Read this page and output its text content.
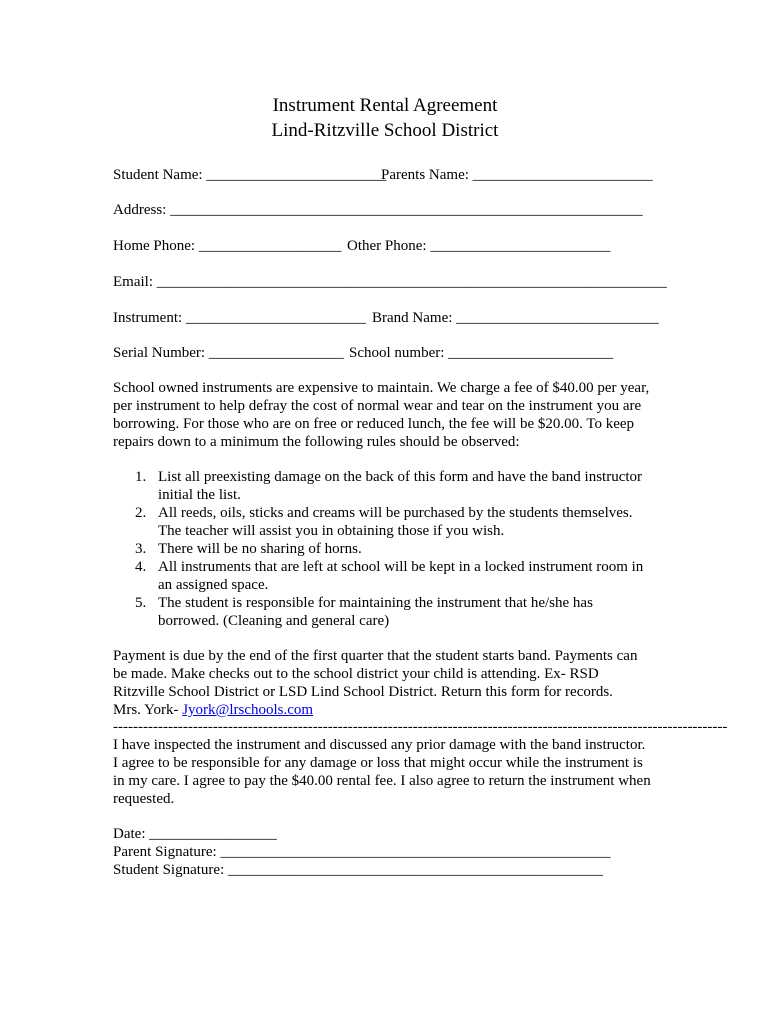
Instrument Rental Agreement
Lind-Ritzville School District
Student Name: ________________________
Parents Name: ________________________
Address: _______________________________________________________________
Home Phone: ___________________ Other Phone: ________________________
Email: ____________________________________________________________________
Instrument: ________________________ Brand Name: ___________________________
Serial Number: __________________ School number: ______________________
School owned instruments are expensive to maintain. We charge a fee of $40.00 per year,
per instrument to help defray the cost of normal wear and tear on the instrument you are
borrowing. For those who are on free or reduced lunch, the fee will be $20.00. To keep
repairs down to a minimum the following rules should be observed:
1. List all preexisting damage on the back of this form and have the band instructor
initial the list.
2. All reeds, oils, sticks and creams will be purchased by the students themselves.
The teacher will assist you in obtaining those if you wish.
3. There will be no sharing of horns.
4. All instruments that are left at school will be kept in a locked instrument room in
an assigned space.
5. The student is responsible for maintaining the instrument that he/she has
borrowed. (Cleaning and general care)
Payment is due by the end of the first quarter that the student starts band. Payments can
be made. Make checks out to the school district your child is attending. Ex- RSD
Ritzville School District or LSD Lind School District. Return this form for records.
Mrs. York- Jyork@lrschools.com
---------------------------------------------------------------------------------------------------------------------------
I have inspected the instrument and discussed any prior damage with the band instructor.
I agree to be responsible for any damage or loss that might occur while the instrument is
in my care. I agree to pay the $40.00 rental fee. I also agree to return the instrument when
requested.
Date: _________________
Parent Signature: ____________________________________________________
Student Signature: __________________________________________________
